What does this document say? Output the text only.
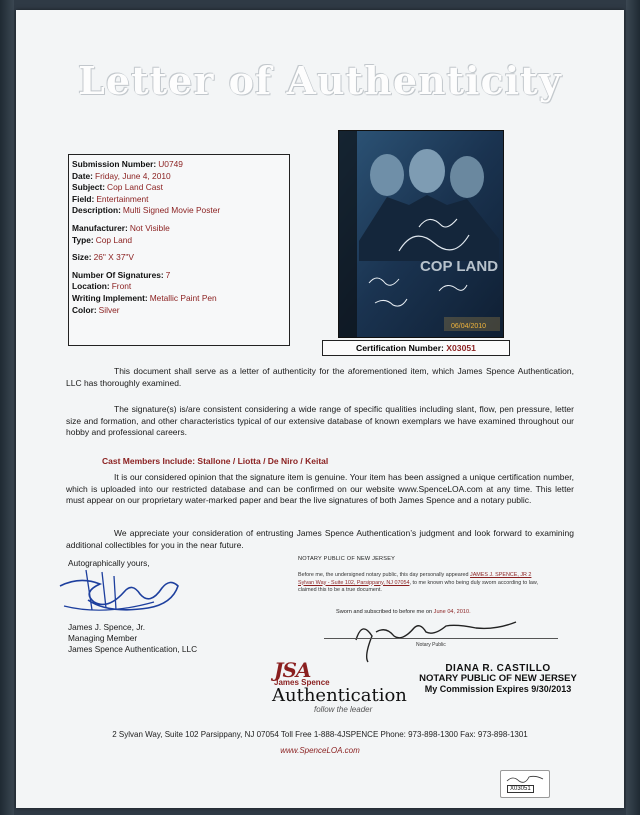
Letter of Authenticity
Submission Number: U0749
Date: Friday, June 4, 2010
Subject: Cop Land Cast
Field: Entertainment
Description: Multi Signed Movie Poster
Manufacturer: Not Visible
Type: Cop Land
Size: 26" X 37"V
Number Of Signatures: 7
Location: Front
Writing Implement: Metallic Paint Pen
Color: Silver
COP LAND
06/04/2010
Certification Number: X03051
This document shall serve as a letter of authenticity for the aforementioned item, which James Spence Authentication, LLC has thoroughly examined.
The signature(s) is/are consistent considering a wide range of specific qualities including slant, flow, pen pressure, letter size and formation, and other characteristics typical of our extensive database of known exemplars we have examined throughout our hobby and professional careers.
Cast Members Include: Stallone / Liotta / De Niro / Keital
It is our considered opinion that the signature item is genuine. Your item has been assigned a unique certification number, which is uploaded into our restricted database and can be confirmed on our website www.SpenceLOA.com at any time. This letter must appear on our proprietary water-marked paper and bear the live signatures of both James Spence and a notary public.
We appreciate your consideration of entrusting James Spence Authentication’s judgment and look forward to examining additional collectibles for you in the near future.
Autographically yours,
James J. Spence, Jr.
Managing Member
James Spence Authentication, LLC
NOTARY PUBLIC OF NEW JERSEY
Before me, the undersigned notary public, this day personally appeared JAMES J. SPENCE, JR 2 Sylvan Way - Suite 102, Parsippany, NJ 07054, to me known who being duly sworn according to law, claimed this to be a true document.
Sworn and subscribed to before me on June 04, 2010.
Notary Public
JSA
James Spence
Authentication
follow the leader
DIANA R. CASTILLO
NOTARY PUBLIC OF NEW JERSEY
My Commission Expires 9/30/2013
2 Sylvan Way, Suite 102 Parsippany, NJ 07054 Toll Free 1-888-4JSPENCE Phone: 973-898-1300 Fax: 973-898-1301
www.SpenceLOA.com
X03051
